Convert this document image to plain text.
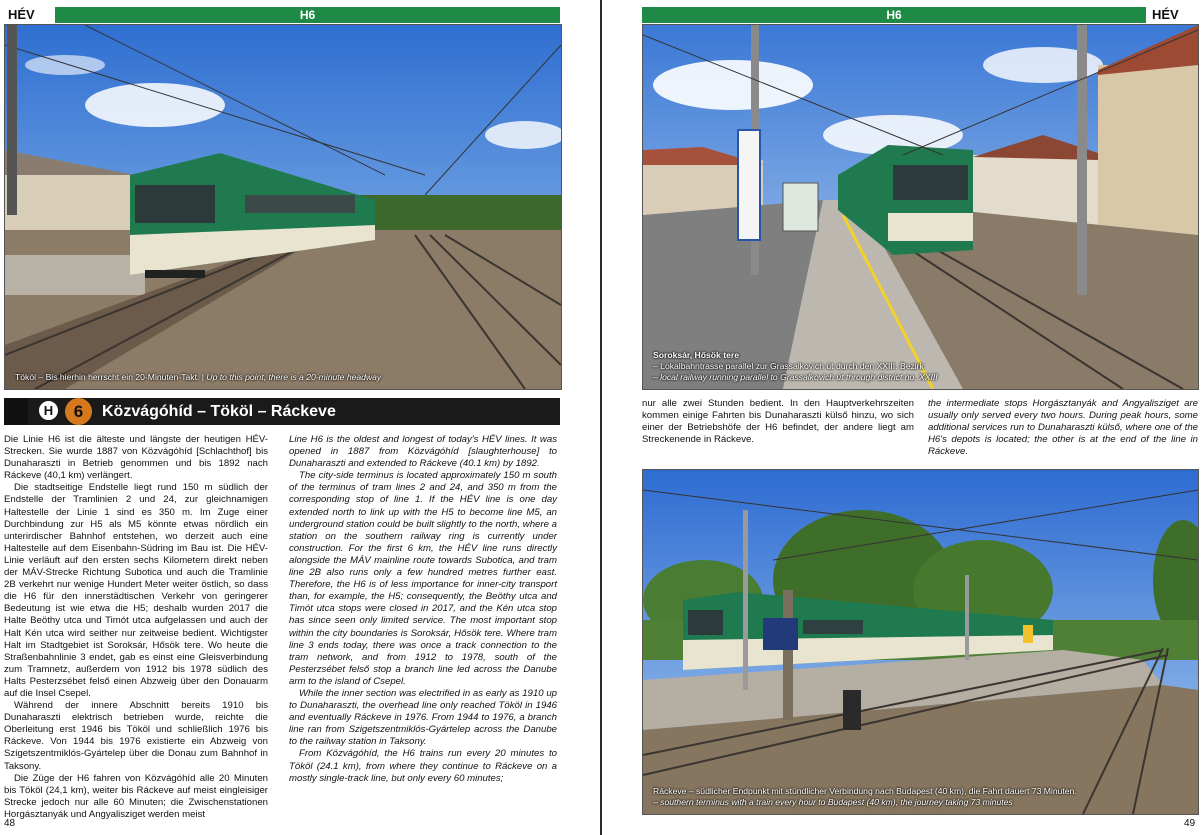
HÉV	H6
Tököl – Bis hierhin herrscht ein 20-Minuten-Takt. | Up to this point, there is a 20-minute headway
H	6	Közvágóhíd – Tököl – Ráckeve

Die Linie H6 ist die älteste und längste der heutigen HÉV-Strecken. Sie wurde 1887 von Közvágóhíd [Schlachthof] bis Dunaharaszti in Betrieb genommen und bis 1892 nach Ráckeve (40,1 km) verlängert.

Die stadtseitige Endstelle liegt rund 150 m südlich der Endstelle der Tramlinien 2 und 24, zur gleichnamigen Haltestelle der Linie 1 sind es 350 m. Im Zuge einer Durchbindung zur H5 als M5 könnte etwas nördlich ein unterirdischer Bahnhof entstehen, wo derzeit auch eine Haltestelle auf dem Eisenbahn-Südring im Bau ist. Die HÉV-Linie verläuft auf den ersten sechs Kilometern direkt neben der MÁV-Strecke Richtung Subotica und auch die Tramlinie 2B verkehrt nur wenige Hundert Meter weiter östlich, so dass die H6 für den innerstädtischen Verkehr von geringerer Bedeutung ist wie etwa die H5; deshalb wurden 2017 die Halte Beöthy utca und Timót utca aufgelassen und auch der Halt Kén utca wird seither nur zeitweise bedient. Wichtigster Halt im Stadtgebiet ist Soroksár, Hősök tere. Wo heute die Straßenbahnlinie 3 endet, gab es einst eine Gleisverbindung zum Tramnetz, außerdem von 1912 bis 1978 südlich des Halts Pesterzsébet felső einen Abzweig über den Donauarm auf die Insel Csepel.

Während der innere Abschnitt bereits 1910 bis Dunaharaszti elektrisch betrieben wurde, reichte die Oberleitung erst 1946 bis Tököl und schließlich 1976 bis Ráckeve. Von 1944 bis 1976 existierte ein Abzweig von Szigetszentmiklós-Gyártelep über die Donau zum Bahnhof in Taksony.

Die Züge der H6 fahren von Közvágóhíd alle 20 Minuten bis Tököl (24,1 km), weiter bis Ráckeve auf meist eingleisiger Strecke jedoch nur alle 60 Minuten; die Zwischenstationen Horgásztanyák und Angyalisziget werden meist

Line H6 is the oldest and longest of today's HÉV lines. It was opened in 1887 from Közvágóhíd [slaughterhouse] to Dunaharaszti and extended to Ráckeve (40.1 km) by 1892.

The city-side terminus is located approximately 150 m south of the terminus of tram lines 2 and 24, and 350 m from the corresponding stop of line 1. If the HÉV line is one day extended north to link up with the H5 to become line M5, an underground station could be built slightly to the north, where a station on the southern railway ring is currently under construction. For the first 6 km, the HÉV line runs directly alongside the MÁV mainline route towards Subotica, and tram line 2B also runs only a few hundred metres further east. Therefore, the H6 is of less importance for inner-city transport than, for example, the H5; consequently, the Beöthy utca and Timót utca stops were closed in 2017, and the Kén utca stop has since seen only limited service. The most important stop within the city boundaries is Soroksár, Hősök tere. Where tram line 3 ends today, there was once a track connection to the tram network, and from 1912 to 1978, south of the Pesterzsébet felső stop a branch line led across the Danube arm to the island of Csepel.

While the inner section was electrified in as early as 1910 up to Dunaharaszti, the overhead line only reached Tököl in 1946 and eventually Ráckeve in 1976. From 1944 to 1976, a branch line ran from Szigetszentmiklós-Gyártelep across the Danube to the railway station in Taksony.

From Közvágóhíd, the H6 trains run every 20 minutes to Tököl (24.1 km), from where they continue to Ráckeve on a mostly single-track line, but only every 60 minutes;

48
H6	HÉV
Soroksár, Hősök tere
– Lokalbahntrasse parallel zur Grassalkovich út durch den XXIII. Bezirk
– local railway running parallel to Grassalkovich út through district no. XXIII

nur alle zwei Stunden bedient. In den Hauptverkehrszeiten kommen einige Fahrten bis Dunaharaszti külső hinzu, wo sich einer der Betriebshöfe der H6 befindet, der andere liegt am Streckenende in Ráckeve.

the intermediate stops Horgásztanyák and Angyalisziget are usually only served every two hours. During peak hours, some additional services run to Dunaharaszti külső, where one of the H6's depots is located; the other is at the end of the line in Ráckeve.

Ráckeve – südlicher Endpunkt mit stündlicher Verbindung nach Budapest (40 km), die Fahrt dauert 73 Minuten.
– southern terminus with a train every hour to Budapest (40 km), the journey taking 73 minutes
49
